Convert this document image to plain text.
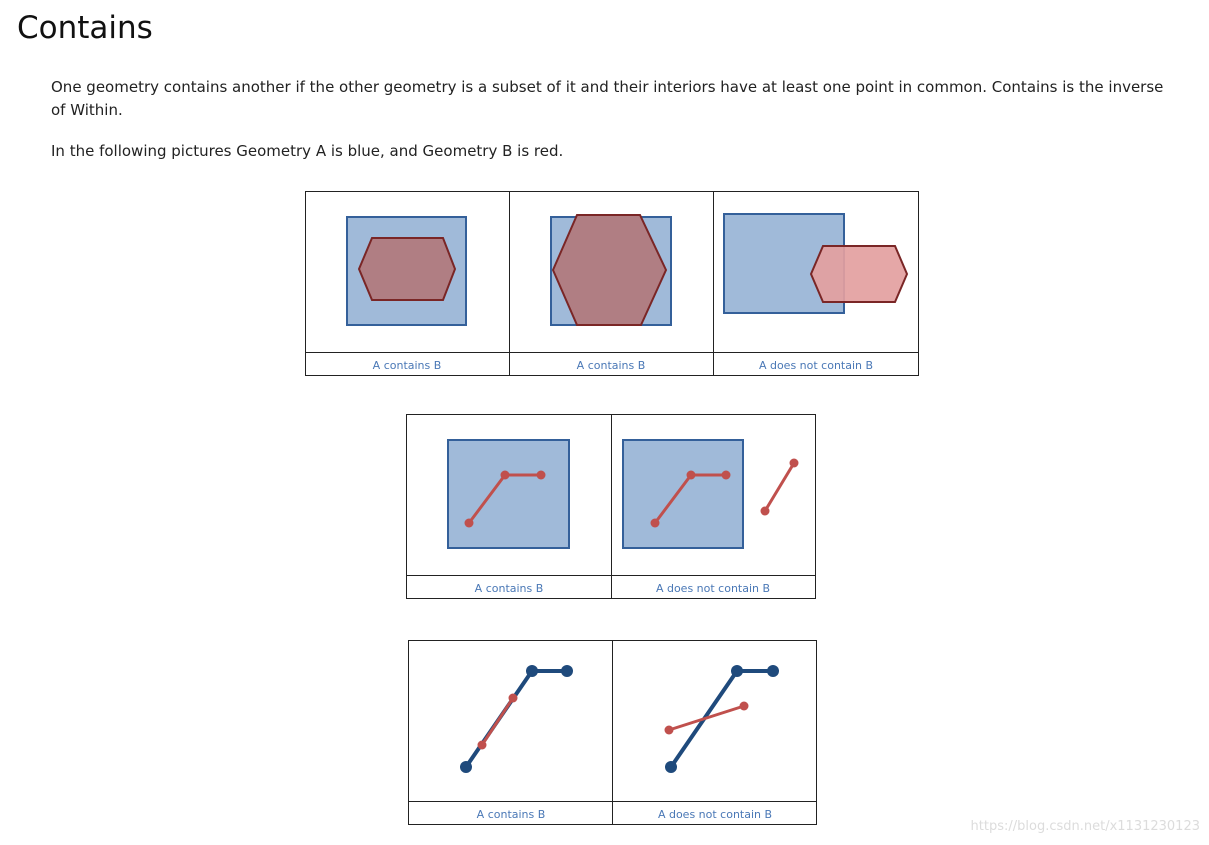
Contains

One geometry contains another if the other geometry is a subset of it and their interiors have at least one point in common. Contains is the inverse of Within.

In the following pictures Geometry A is blue, and Geometry B is red.

A contains B	A contains B	A does not contain B
A contains B	A does not contain B
A contains B	A does not contain B
https://blog.csdn.net/x1131230123
